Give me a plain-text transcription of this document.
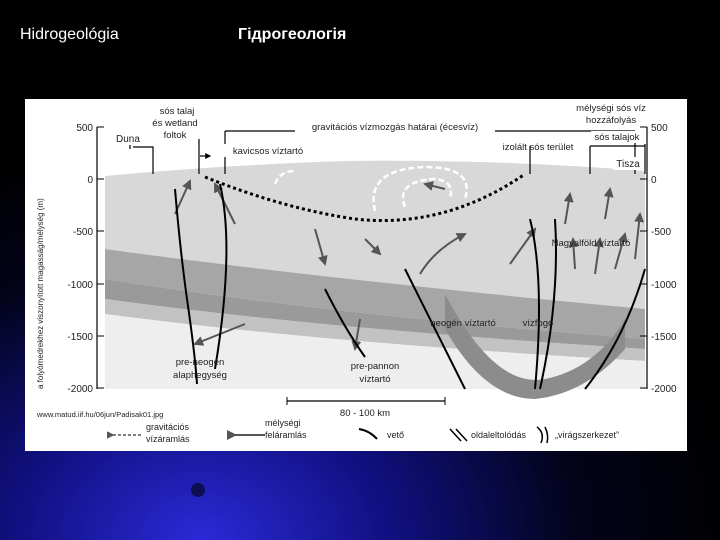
Hidrogeológia	Гідрогеологія
500
0
-500
-1000
-1500
-2000
a folyómedrekhez viszonyított magasság/mélység (m)
500
0
-500
-1000
-1500
-2000
Duna
sós talaj
és wetland
foltok
gravitációs vízmozgás határai (écesvíz)
mélységi sós víz
hozzáfolyás
sós talajok
kavicsos víztartó	izolált sós terület
Tisza
Nagyalföld víztartó
neogén víztartó	vízfogó
pre-neogén
alaphegység
pre-pannon
víztartó
www.matud.iif.hu/06jun/Padisak01.jpg	80 - 100 km
gravitációs
vízáramlás
mélységi
feláramlás	vető	oldaleltolódás	„virágszerkezet”
